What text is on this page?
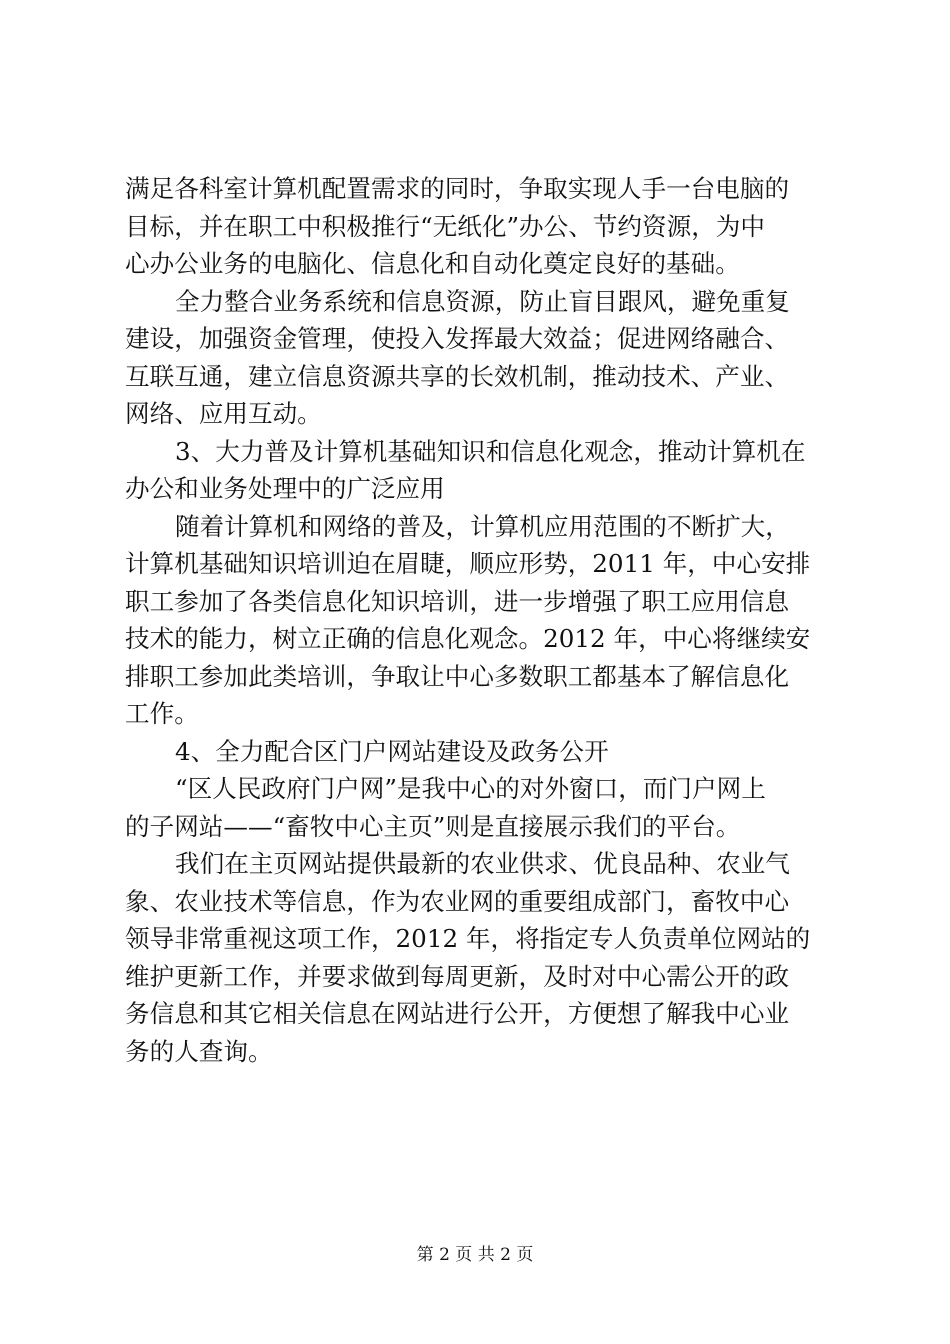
满足各科室计算机配置需求的同时，争取实现人手一台电脑的
目标，并在职工中积极推行“无纸化”办公、节约资源，为中
心办公业务的电脑化、信息化和自动化奠定良好的基础。
全力整合业务系统和信息资源，防止盲目跟风，避免重复
建设，加强资金管理，使投入发挥最大效益；促进网络融合、
互联互通，建立信息资源共享的长效机制，推动技术、产业、
网络、应用互动。
3、大力普及计算机基础知识和信息化观念，推动计算机在
办公和业务处理中的广泛应用
随着计算机和网络的普及，计算机应用范围的不断扩大，
计算机基础知识培训迫在眉睫，顺应形势，2011 年，中心安排
职工参加了各类信息化知识培训，进一步增强了职工应用信息
技术的能力，树立正确的信息化观念。2012 年，中心将继续安
排职工参加此类培训，争取让中心多数职工都基本了解信息化
工作。
4、全力配合区门户网站建设及政务公开
“区人民政府门户网”是我中心的对外窗口，而门户网上
的子网站——“畜牧中心主页”则是直接展示我们的平台。
我们在主页网站提供最新的农业供求、优良品种、农业气
象、农业技术等信息，作为农业网的重要组成部门，畜牧中心
领导非常重视这项工作，2012 年，将指定专人负责单位网站的
维护更新工作，并要求做到每周更新，及时对中心需公开的政
务信息和其它相关信息在网站进行公开，方便想了解我中心业
务的人查询。
第 2 页 共 2 页
